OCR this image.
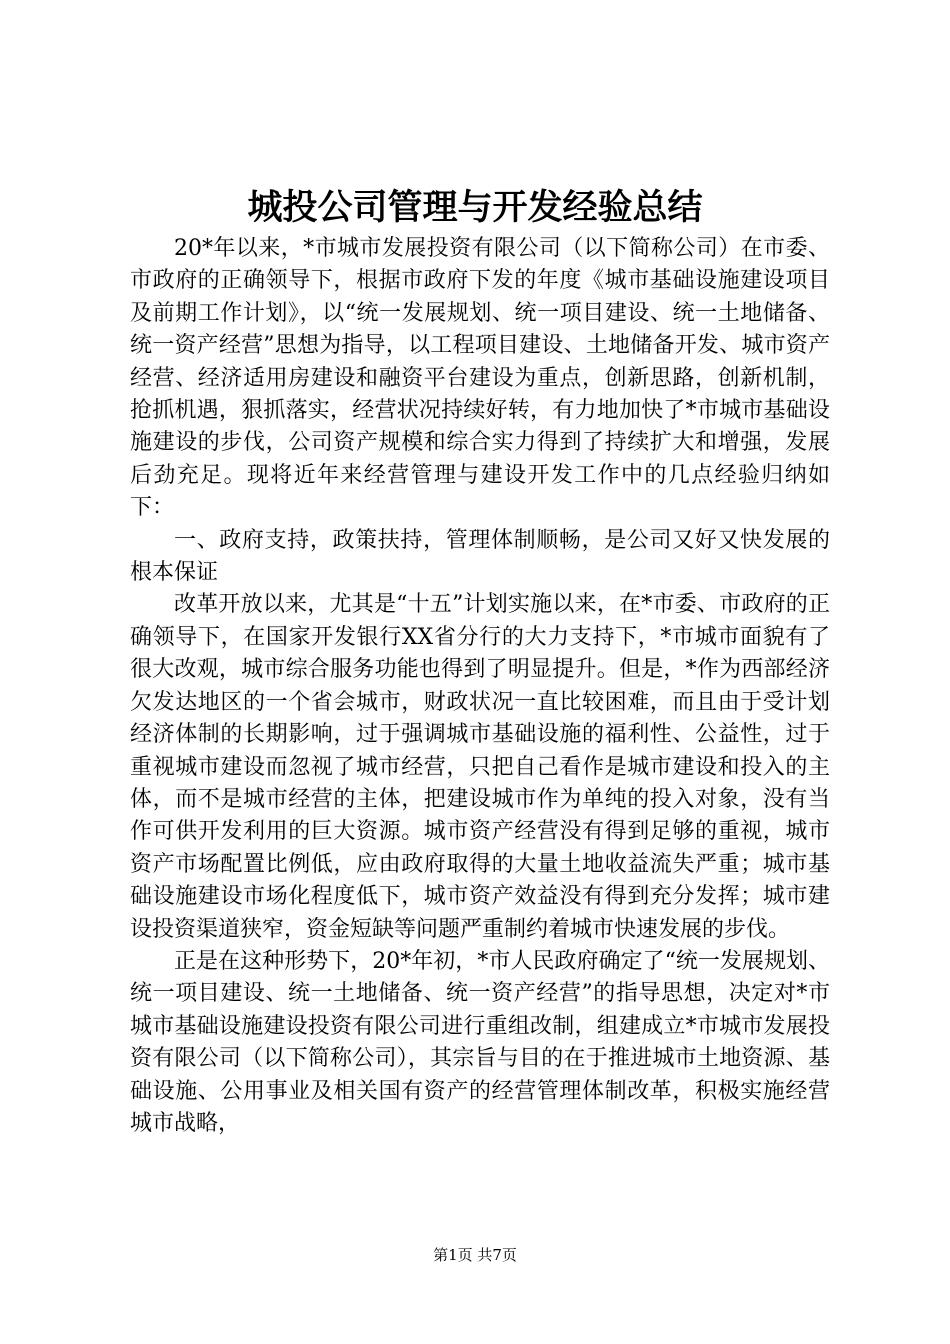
城投公司管理与开发经验总结

20*年以来，*市城市发展投资有限公司（以下简称公司）在市委、市政府的正确领导下，根据市政府下发的年度《城市基础设施建设项目及前期工作计划》，以“统一发展规划、统一项目建设、统一土地储备、统一资产经营”思想为指导，以工程项目建设、土地储备开发、城市资产经营、经济适用房建设和融资平台建设为重点，创新思路，创新机制，抢抓机遇，狠抓落实，经营状况持续好转，有力地加快了*市城市基础设施建设的步伐，公司资产规模和综合实力得到了持续扩大和增强，发展后劲充足。现将近年来经营管理与建设开发工作中的几点经验归纳如下：

一、政府支持，政策扶持，管理体制顺畅，是公司又好又快发展的根本保证

改革开放以来，尤其是“十五”计划实施以来，在*市委、市政府的正确领导下，在国家开发银行XX省分行的大力支持下，*市城市面貌有了很大改观，城市综合服务功能也得到了明显提升。但是，*作为西部经济欠发达地区的一个省会城市，财政状况一直比较困难，而且由于受计划经济体制的长期影响，过于强调城市基础设施的福利性、公益性，过于重视城市建设而忽视了城市经营，只把自己看作是城市建设和投入的主体，而不是城市经营的主体，把建设城市作为单纯的投入对象，没有当作可供开发利用的巨大资源。城市资产经营没有得到足够的重视，城市资产市场配置比例低，应由政府取得的大量土地收益流失严重；城市基础设施建设市场化程度低下，城市资产效益没有得到充分发挥；城市建设投资渠道狭窄，资金短缺等问题严重制约着城市快速发展的步伐。

正是在这种形势下，20*年初，*市人民政府确定了“统一发展规划、统一项目建设、统一土地储备、统一资产经营”的指导思想，决定对*市城市基础设施建设投资有限公司进行重组改制，组建成立*市城市发展投资有限公司（以下简称公司），其宗旨与目的在于推进城市土地资源、基础设施、公用事业及相关国有资产的经营管理体制改革，积极实施经营城市战略，

第1页 共7页
